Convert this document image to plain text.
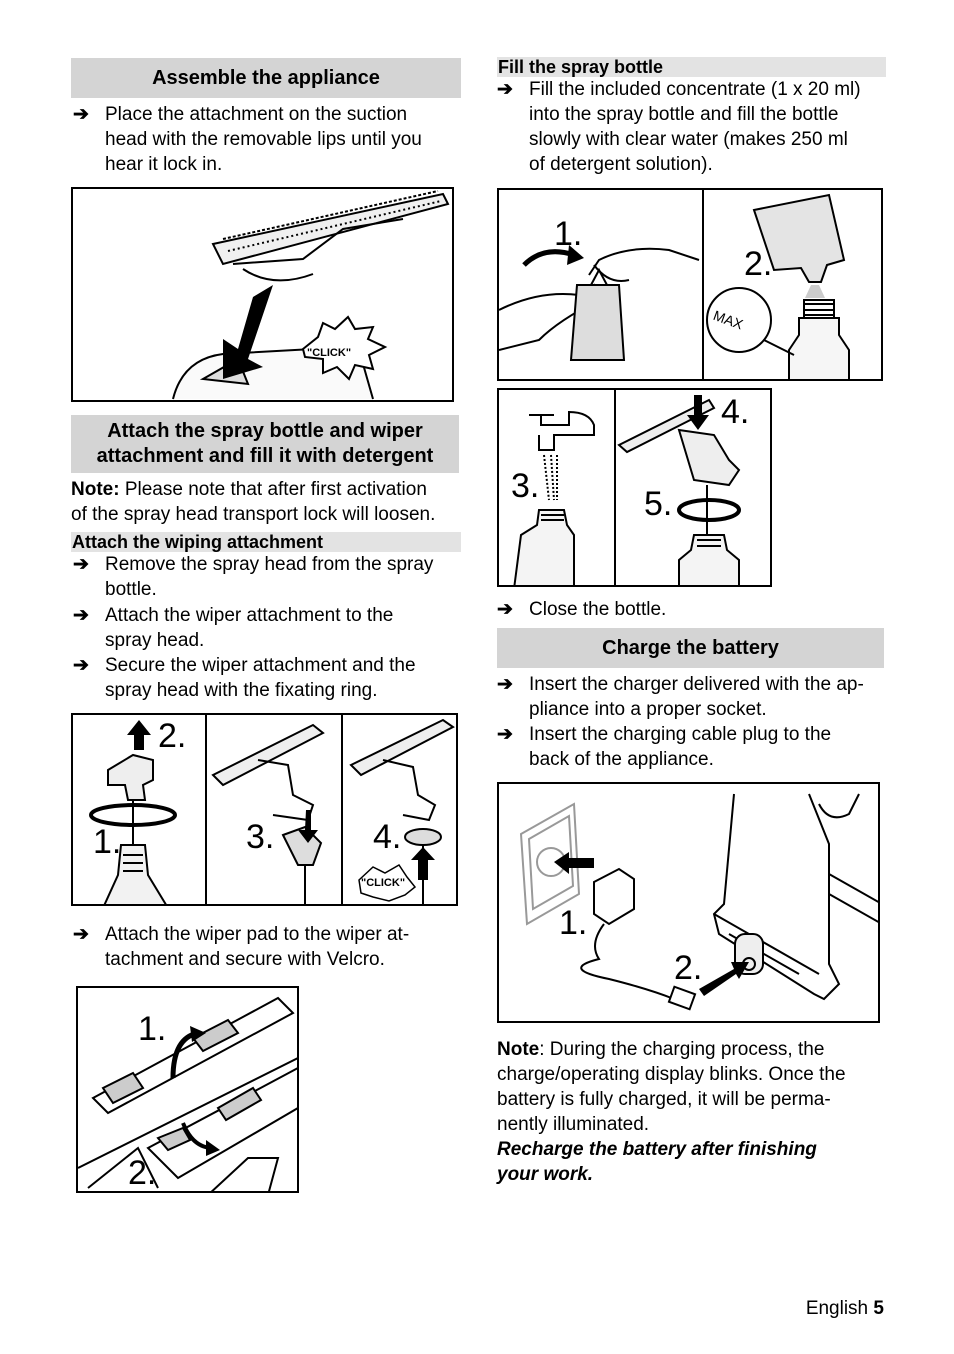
Assemble the appliance
➔ Place the attachment on the suction
head with the removable lips until you
hear it lock in.
"CLICK"
Attach the spray bottle and wiper
attachment and fill it with detergent
Note: Please note that after first activation
of the spray head transport lock will loosen.
Attach the wiping attachment
➔ Remove the spray head from the spray
bottle.
➔ Attach the wiper attachment to the
spray head.
➔ Secure the wiper attachment and the
spray head with the fixating ring.
2.
1.	3.	4.
"CLICK"
➔ Attach the wiper pad to the wiper at-
tachment and secure with Velcro.
1.
2.
Fill the spray bottle
➔ Fill the included concentrate (1 x 20 ml)
into the spray bottle and fill the bottle
slowly with clear water (makes 250 ml
of detergent solution).
1.
2.
MAX
3.
4.
5.
➔ Close the bottle.
Charge the battery
➔ Insert the charger delivered with the ap-
pliance into a proper socket.
➔ Insert the charging cable plug to the
back of the appliance.
1.
2.
Note: During the charging process, the
charge/operating display blinks. Once the
battery is fully charged, it will be perma-
nently illuminated.
Recharge the battery after finishing
your work.
English 5
